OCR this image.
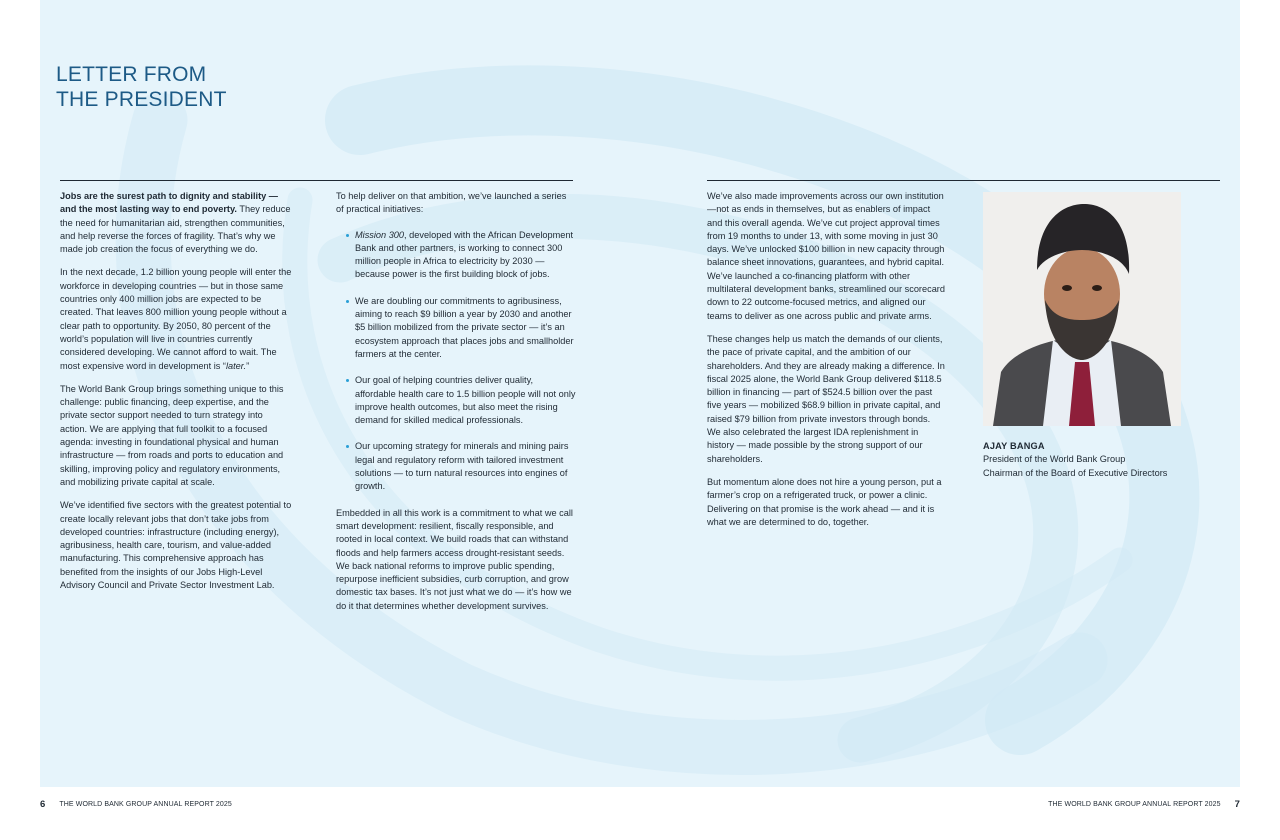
LETTER FROM
THE PRESIDENT

Jobs are the surest path to dignity and stability — and the most lasting way to end poverty. They reduce the need for humanitarian aid, strengthen communities, and help reverse the forces of fragility. That’s why we made job creation the focus of everything we do.

In the next decade, 1.2 billion young people will enter the workforce in developing countries — but in those same countries only 400 million jobs are expected to be created. That leaves 800 million young people without a clear path to opportunity. By 2050, 80 percent of the world’s population will live in countries currently considered developing. We cannot afford to wait. The most expensive word in development is “later.”

The World Bank Group brings something unique to this challenge: public financing, deep expertise, and the private sector support needed to turn strategy into action. We are applying that full toolkit to a focused agenda: investing in foundational physical and human infrastructure — from roads and ports to education and skilling, improving policy and regulatory environments, and mobilizing private capital at scale.

We’ve identified five sectors with the greatest potential to create locally relevant jobs that don’t take jobs from developed countries: infrastructure (including energy), agribusiness, health care, tourism, and value-added manufacturing. This comprehensive approach has benefited from the insights of our Jobs High-Level Advisory Council and Private Sector Investment Lab.

To help deliver on that ambition, we’ve launched a series of practical initiatives:

Mission 300, developed with the African Development Bank and other partners, is working to connect 300 million people in Africa to electricity by 2030 — because power is the first building block of jobs.
We are doubling our commitments to agribusiness, aiming to reach $9 billion a year by 2030 and another $5 billion mobilized from the private sector — it’s an ecosystem approach that places jobs and smallholder farmers at the center.
Our goal of helping countries deliver quality, affordable health care to 1.5 billion people will not only improve health outcomes, but also meet the rising demand for skilled medical professionals.
Our upcoming strategy for minerals and mining pairs legal and regulatory reform with tailored investment solutions — to turn natural resources into engines of growth.

Embedded in all this work is a commitment to what we call smart development: resilient, fiscally responsible, and rooted in local context. We build roads that can withstand floods and help farmers access drought-resistant seeds. We back national reforms to improve public spending, repurpose inefficient subsidies, curb corruption, and grow domestic tax bases. It’s not just what we do — it’s how we do it that determines whether development survives.

We’ve also made improvements across our own institution—not as ends in themselves, but as enablers of impact and this overall agenda. We’ve cut project approval times from 19 months to under 13, with some moving in just 30 days. We’ve unlocked $100 billion in new capacity through balance sheet innovations, guarantees, and hybrid capital. We’ve launched a co-financing platform with other multilateral development banks, streamlined our scorecard down to 22 outcome-focused metrics, and aligned our teams to deliver as one across public and private arms.

These changes help us match the demands of our clients, the pace of private capital, and the ambition of our shareholders. And they are already making a difference. In fiscal 2025 alone, the World Bank Group delivered $118.5 billion in financing — part of $524.5 billion over the past five years — mobilized $68.9 billion in private capital, and raised $79 billion from private investors through bonds. We also celebrated the largest IDA replenishment in history — made possible by the strong support of our shareholders.

But momentum alone does not hire a young person, put a farmer’s crop on a refrigerated truck, or power a clinic. Delivering on that promise is the work ahead — and it is what we are determined to do, together.

AJAY BANGA
President of the World Bank Group
Chairman of the Board of Executive Directors
6 THE WORLD BANK GROUP ANNUAL REPORT 2025	THE WORLD BANK GROUP ANNUAL REPORT 2025 7
